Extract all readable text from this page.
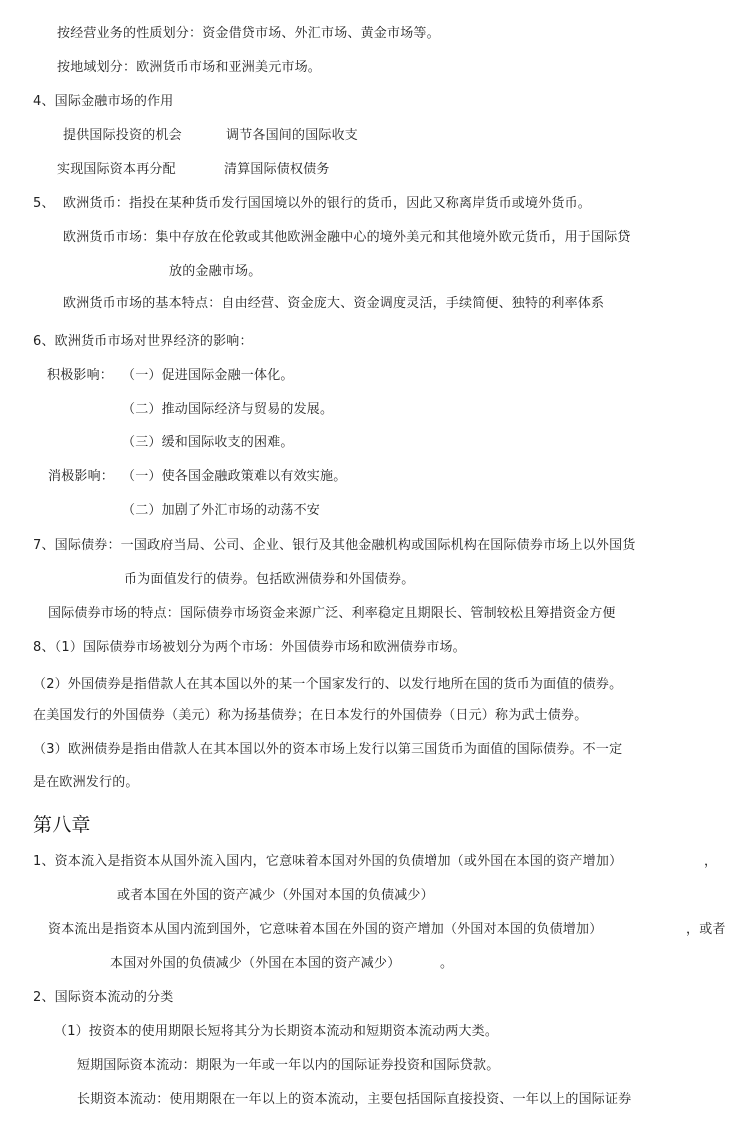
按经营业务的性质划分：资金借贷市场、外汇市场、黄金市场等。
按地域划分：欧洲货币市场和亚洲美元市场。
4、国际金融市场的作用
提供国际投资的机会	调节各国间的国际收支
实现国际资本再分配	清算国际债权债务
5、 欧洲货币：指投在某种货币发行国国境以外的银行的货币，因此又称离岸货币或境外货币。
欧洲货币市场：集中存放在伦敦或其他欧洲金融中心的境外美元和其他境外欧元货币，用于国际贷
放的金融市场。
欧洲货币市场的基本特点：自由经营、资金庞大、资金调度灵活，手续简便、独特的利率体系
6、欧洲货币市场对世界经济的影响：
积极影响： （一）促进国际金融一体化。
（二）推动国际经济与贸易的发展。
（三）缓和国际收支的困难。
消极影响： （一）使各国金融政策难以有效实施。
（二）加剧了外汇市场的动荡不安
7、国际债券：一国政府当局、公司、企业、银行及其他金融机构或国际机构在国际债券市场上以外国货
币为面值发行的债券。包括欧洲债券和外国债券。
国际债券市场的特点：国际债券市场资金来源广泛、利率稳定且期限长、管制较松且筹措资金方便
8、（1）国际债券市场被划分为两个市场：外国债券市场和欧洲债券市场。
（2）外国债券是指借款人在其本国以外的某一个国家发行的、以发行地所在国的货币为面值的债券。
在美国发行的外国债券（美元）称为扬基债券；在日本发行的外国债券（日元）称为武士债券。
（3）欧洲债券是指由借款人在其本国以外的资本市场上发行以第三国货币为面值的国际债券。不一定
是在欧洲发行的。
第八章
1、资本流入是指资本从国外流入国内，它意味着本国对外国的负债增加（或外国在本国的资产增加）	，
或者本国在外国的资产减少（外国对本国的负债减少）
资本流出是指资本从国内流到国外，它意味着本国在外国的资产增加（外国对本国的负债增加）	，或者
本国对外国的负债减少（外国在本国的资产减少）	。
2、国际资本流动的分类
（1）按资本的使用期限长短将其分为长期资本流动和短期资本流动两大类。
短期国际资本流动：期限为一年或一年以内的国际证券投资和国际贷款。
长期资本流动：使用期限在一年以上的资本流动，主要包括国际直接投资、一年以上的国际证券
